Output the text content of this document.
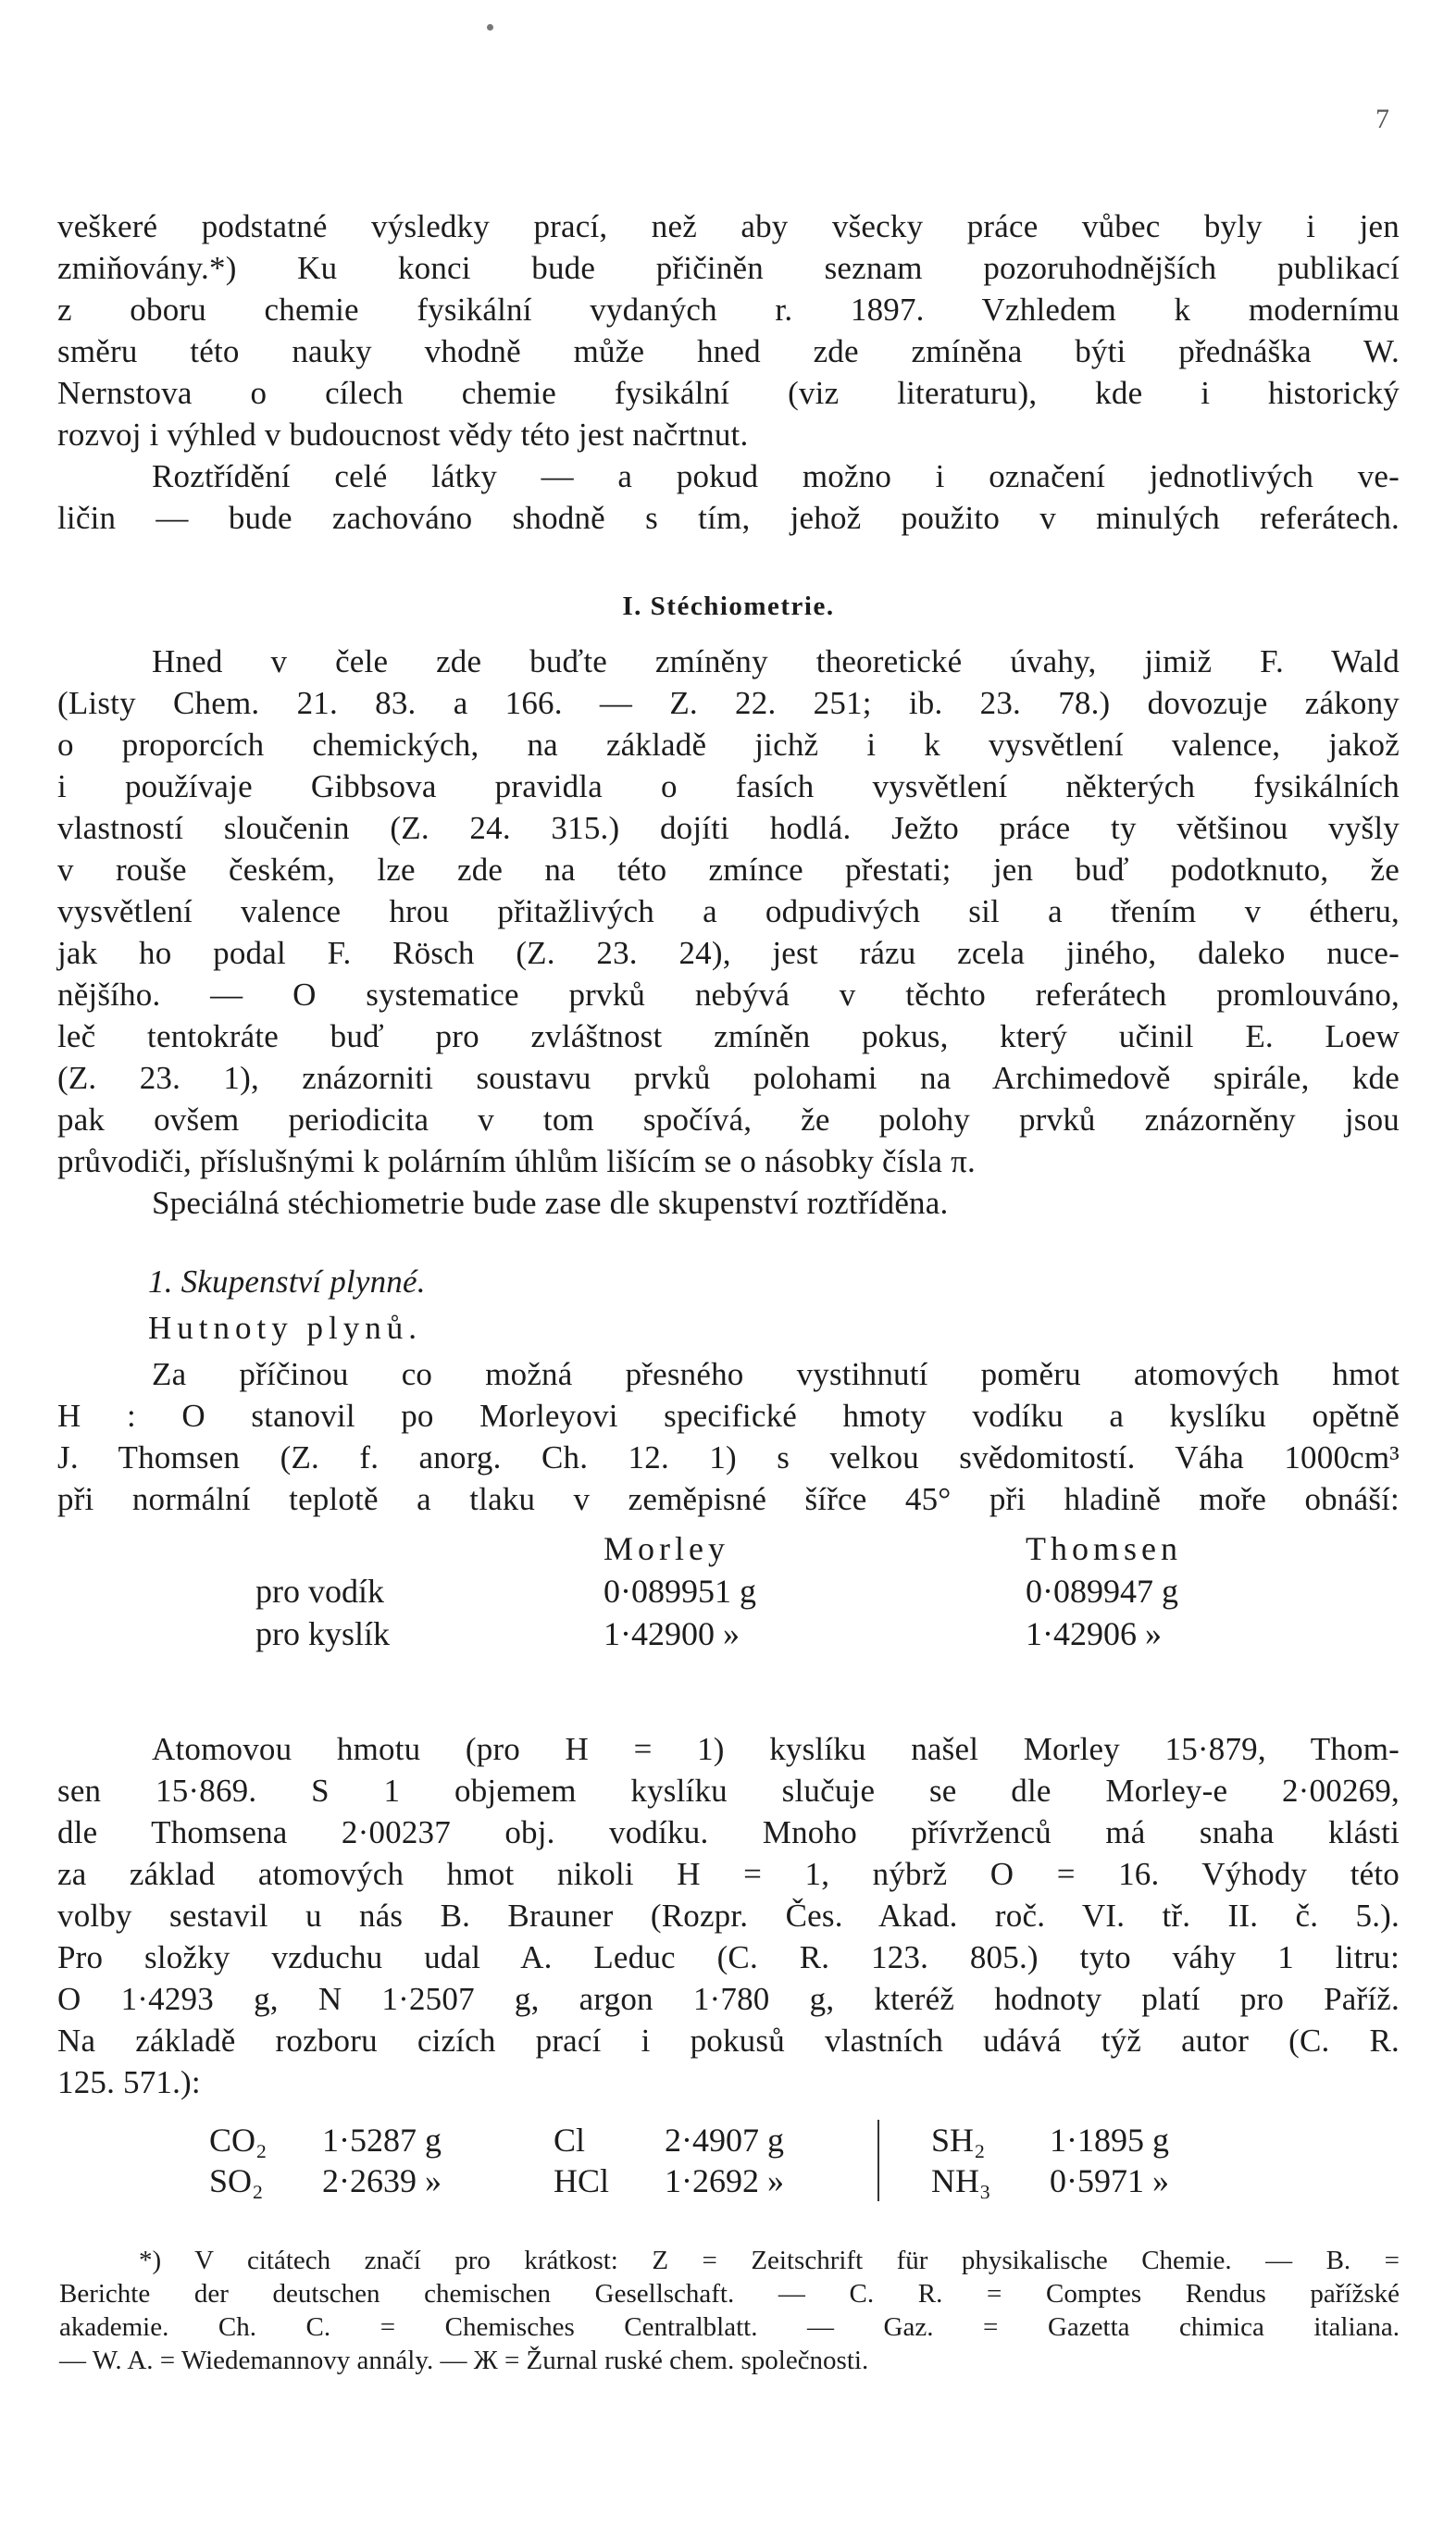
7
veškeré podstatné výsledky prací, než aby všecky práce vůbec byly i jen
zmiňovány.*) Ku konci bude přičiněn seznam pozoruhodnějších publikací
z oboru chemie fysikální vydaných r. 1897. Vzhledem k modernímu
směru této nauky vhodně může hned zde zmíněna býti přednáška W.
Nernstova o cílech chemie fysikální (viz literaturu), kde i historický
rozvoj i výhled v budoucnost vědy této jest načrtnut.
Roztřídění celé látky — a pokud možno i označení jednotlivých ve-
ličin — bude zachováno shodně s tím, jehož použito v minulých referátech.
I. Stéchiometrie.
Hned v čele zde buďte zmíněny theoretické úvahy, jimiž F. Wald
(Listy Chem. 21. 83. a 166. — Z. 22. 251; ib. 23. 78.) dovozuje zákony
o proporcích chemických, na základě jichž i k vysvětlení valence, jakož
i používaje Gibbsova pravidla o fasích vysvětlení některých fysikálních
vlastností sloučenin (Z. 24. 315.) dojíti hodlá. Ježto práce ty většinou vyšly
v rouše českém, lze zde na této zmínce přestati; jen buď podotknuto, že
vysvětlení valence hrou přitažlivých a odpudivých sil a třením v étheru,
jak ho podal F. Rösch (Z. 23. 24), jest rázu zcela jiného, daleko nuce-
nějšího. — O systematice prvků nebývá v těchto referátech promlouváno,
leč tentokráte buď pro zvláštnost zmíněn pokus, který učinil E. Loew
(Z. 23. 1), znázorniti soustavu prvků polohami na Archimedově spirále, kde
pak ovšem periodicita v tom spočívá, že polohy prvků znázorněny jsou
průvodiči, příslušnými k polárním úhlům lišícím se o násobky čísla π.
Speciálná stéchiometrie bude zase dle skupenství roztříděna.
1. Skupenství plynné.
Hutnoty plynů.
Za příčinou co možná přesného vystihnutí poměru atomových hmot
H : O stanovil po Morleyovi specifické hmoty vodíku a kyslíku opětně
J. Thomsen (Z. f. anorg. Ch. 12. 1) s velkou svědomitostí. Váha 1000cm³
při normální teplotě a tlaku v zeměpisné šířce 45° při hladině moře obnáší:
	Morley	Thomsen
pro vodík	0·089951 g	0·089947 g
pro kyslík	1·42900 »	1·42906 »
Atomovou hmotu (pro H = 1) kyslíku našel Morley 15·879, Thom-
sen 15·869. S 1 objemem kyslíku slučuje se dle Morley-e 2·00269,
dle Thomsena 2·00237 obj. vodíku. Mnoho přívrženců má snaha klásti
za základ atomových hmot nikoli H = 1, nýbrž O = 16. Výhody této
volby sestavil u nás B. Brauner (Rozpr. Čes. Akad. roč. VI. tř. II. č. 5.).
Pro složky vzduchu udal A. Leduc (C. R. 123. 805.) tyto váhy 1 litru:
O 1·4293 g, N 1·2507 g, argon 1·780 g, kteréž hodnoty platí pro Paříž.
Na základě rozboru cizích prací i pokusů vlastních udává týž autor (C. R.
125. 571.):
CO₂	1·5287 g	Cl	2·4907 g	SH₂	1·1895 g
SO₂	2·2639 »	HCl	1·2692 »	NH₃	0·5971 »
*) V citátech značí pro krátkost: Z = Zeitschrift für physikalische Chemie. — B. =
Berichte der deutschen chemischen Gesellschaft. — C. R. = Comptes Rendus pařížské
akademie. Ch. C. = Chemisches Centralblatt. — Gaz. = Gazetta chimica italiana.
— W. A. = Wiedemannovy annály. — Ж = Žurnal ruské chem. společnosti.
